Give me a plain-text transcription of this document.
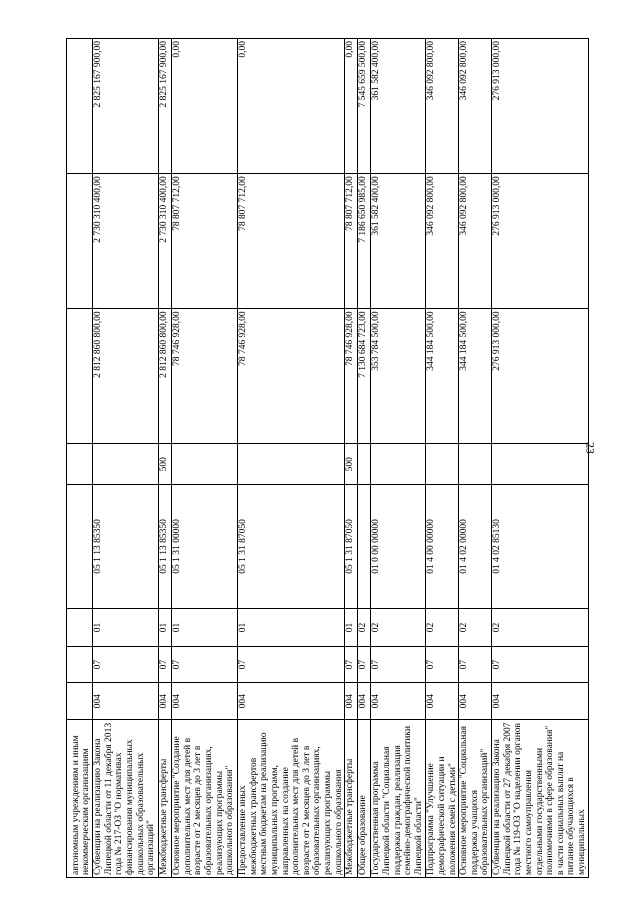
23
автономным учреждениям и иным некоммерческим организациям								
Субвенции на реализацию Закона Липецкой области от 11 декабря 2013 года № 217-ОЗ "О нормативах финансирования муниципальных дошкольных образовательных организаций"	004	07	01	05 1 13 85350		2 812 860 800,00	2 730 310 400,00	2 825 167 900,00
Межбюджетные трансферты	004	07	01	05 1 13 85350	500	2 812 860 800,00	2 730 310 400,00	2 825 167 900,00
Основное мероприятие "Создание дополнительных мест для детей в возрасте от 2 месяцев до 3 лет в образовательных организациях, реализующих программы дошкольного образования"	004	07	01	05 1 31 00000		78 746 928,00	78 807 712,00	0,00
Предоставление иных межбюджетных трансфертов местным бюджетам на реализацию муниципальных программ, направленных на создание дополнительных мест для детей в возрасте от 2 месяцев до 3 лет в образовательных организациях, реализующих программы дошкольного образования	004	07	01	05 1 31 87050		78 746 928,00	78 807 712,00	0,00
Межбюджетные трансферты	004	07	01	05 1 31 87050	500	78 746 928,00	78 807 712,00	0,00
Общее образование	004	07	02			7 130 684 723,00	7 186 650 985,00	7 545 659 500,00
Государственная программа Липецкой области "Социальная поддержка граждан, реализация семейно-демографической политики Липецкой области"	004	07	02	01 0 00 00000		353 784 500,00	361 582 400,00	361 582 400,00
Подпрограмма "Улучшение демографической ситуации и положения семей с детьми"	004	07	02	01 4 00 00000		344 184 500,00	346 092 800,00	346 092 800,00
Основное мероприятие "Социальная поддержка учащихся образовательных организаций"	004	07	02	01 4 02 00000		344 184 500,00	346 092 800,00	346 092 800,00
Субвенция на реализацию Закона Липецкой области от 27 декабря 2007 года № 119-ОЗ "О наделении органов местного самоуправления отдельными государственными полномочиями в сфере образования" в части социальных выплат на питание обучающихся в муниципальных	004	07	02	01 4 02 85130		276 913 000,00	276 913 000,00	276 913 000,00
